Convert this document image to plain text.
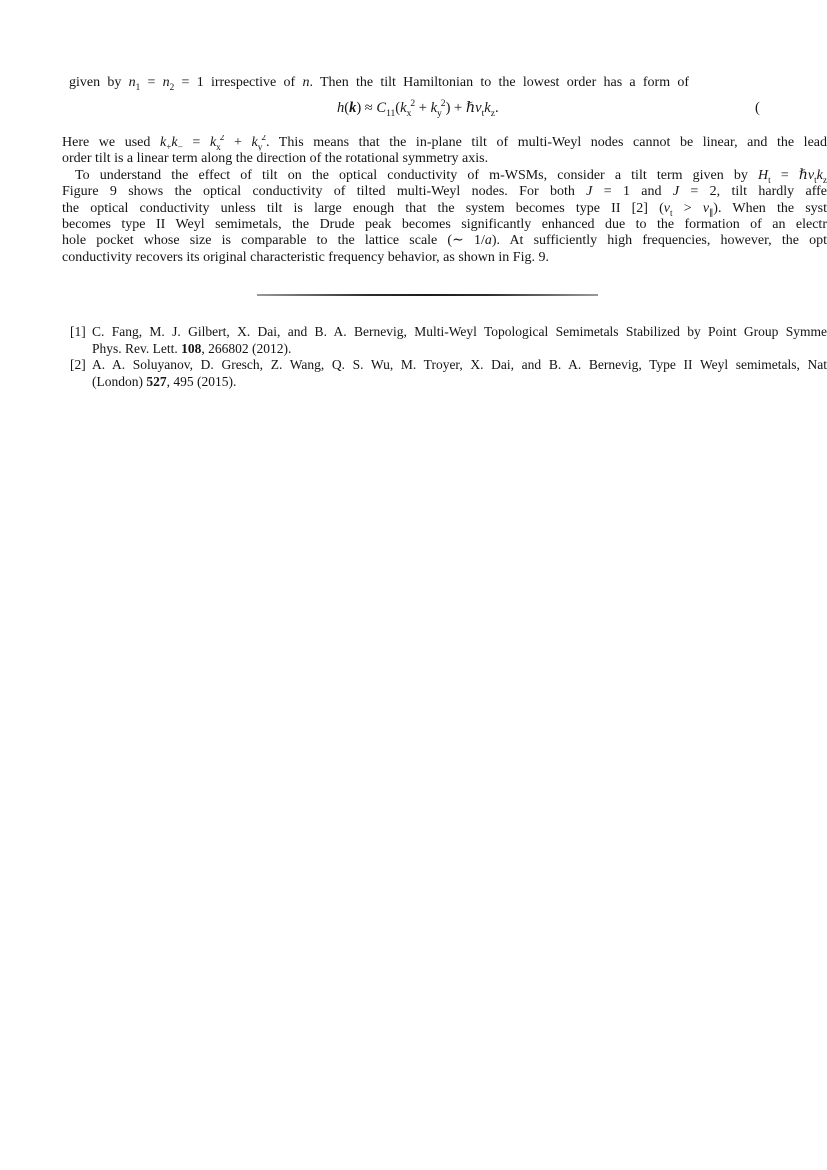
given by $n_1 = n_2 = 1$ irrespective of n. Then the tilt Hamiltonian to the lowest order has a form of
$h(k) \approx C_{11}(k_x^2 + k_y^2)$ + $\hbar v_tk_z$.	(
Here we used $k_+k_- = k_x^2 + k_y^2$. This means that the in-plane tilt of multi-Weyl nodes cannot be linear, and the lead
order tilt is a linear term along the direction of the rotational symmetry axis.
To understand the effect of tilt on the optical conductivity of m-WSMs, consider a tilt term given by $H_t$ = $\hbar v_tk_z$
Figure 9 shows the optical conductivity of tilted multi-Weyl nodes. For both J = 1 and J = 2, tilt hardly affe
the optical conductivity unless tilt is large enough that the system becomes type II [2] $(v_t > v_\parallel)$. When the syst
becomes type II Weyl semimetals, the Drude peak becomes significantly enhanced due to the formation of an electr
hole pocket whose size is comparable to the lattice scale (∼ 1/a). At sufficiently high frequencies, however, the opt
conductivity recovers its original characteristic frequency behavior, as shown in Fig. 9.
[1] C. Fang, M. J. Gilbert, X. Dai, and B. A. Bernevig, Multi-Weyl Topological Semimetals Stabilized by Point Group Symme
Phys. Rev. Lett. 108, 266802 (2012).
[2] A. A. Soluyanov, D. Gresch, Z. Wang, Q. S. Wu, M. Troyer, X. Dai, and B. A. Bernevig, Type II Weyl semimetals, Nat
(London) 527, 495 (2015).
